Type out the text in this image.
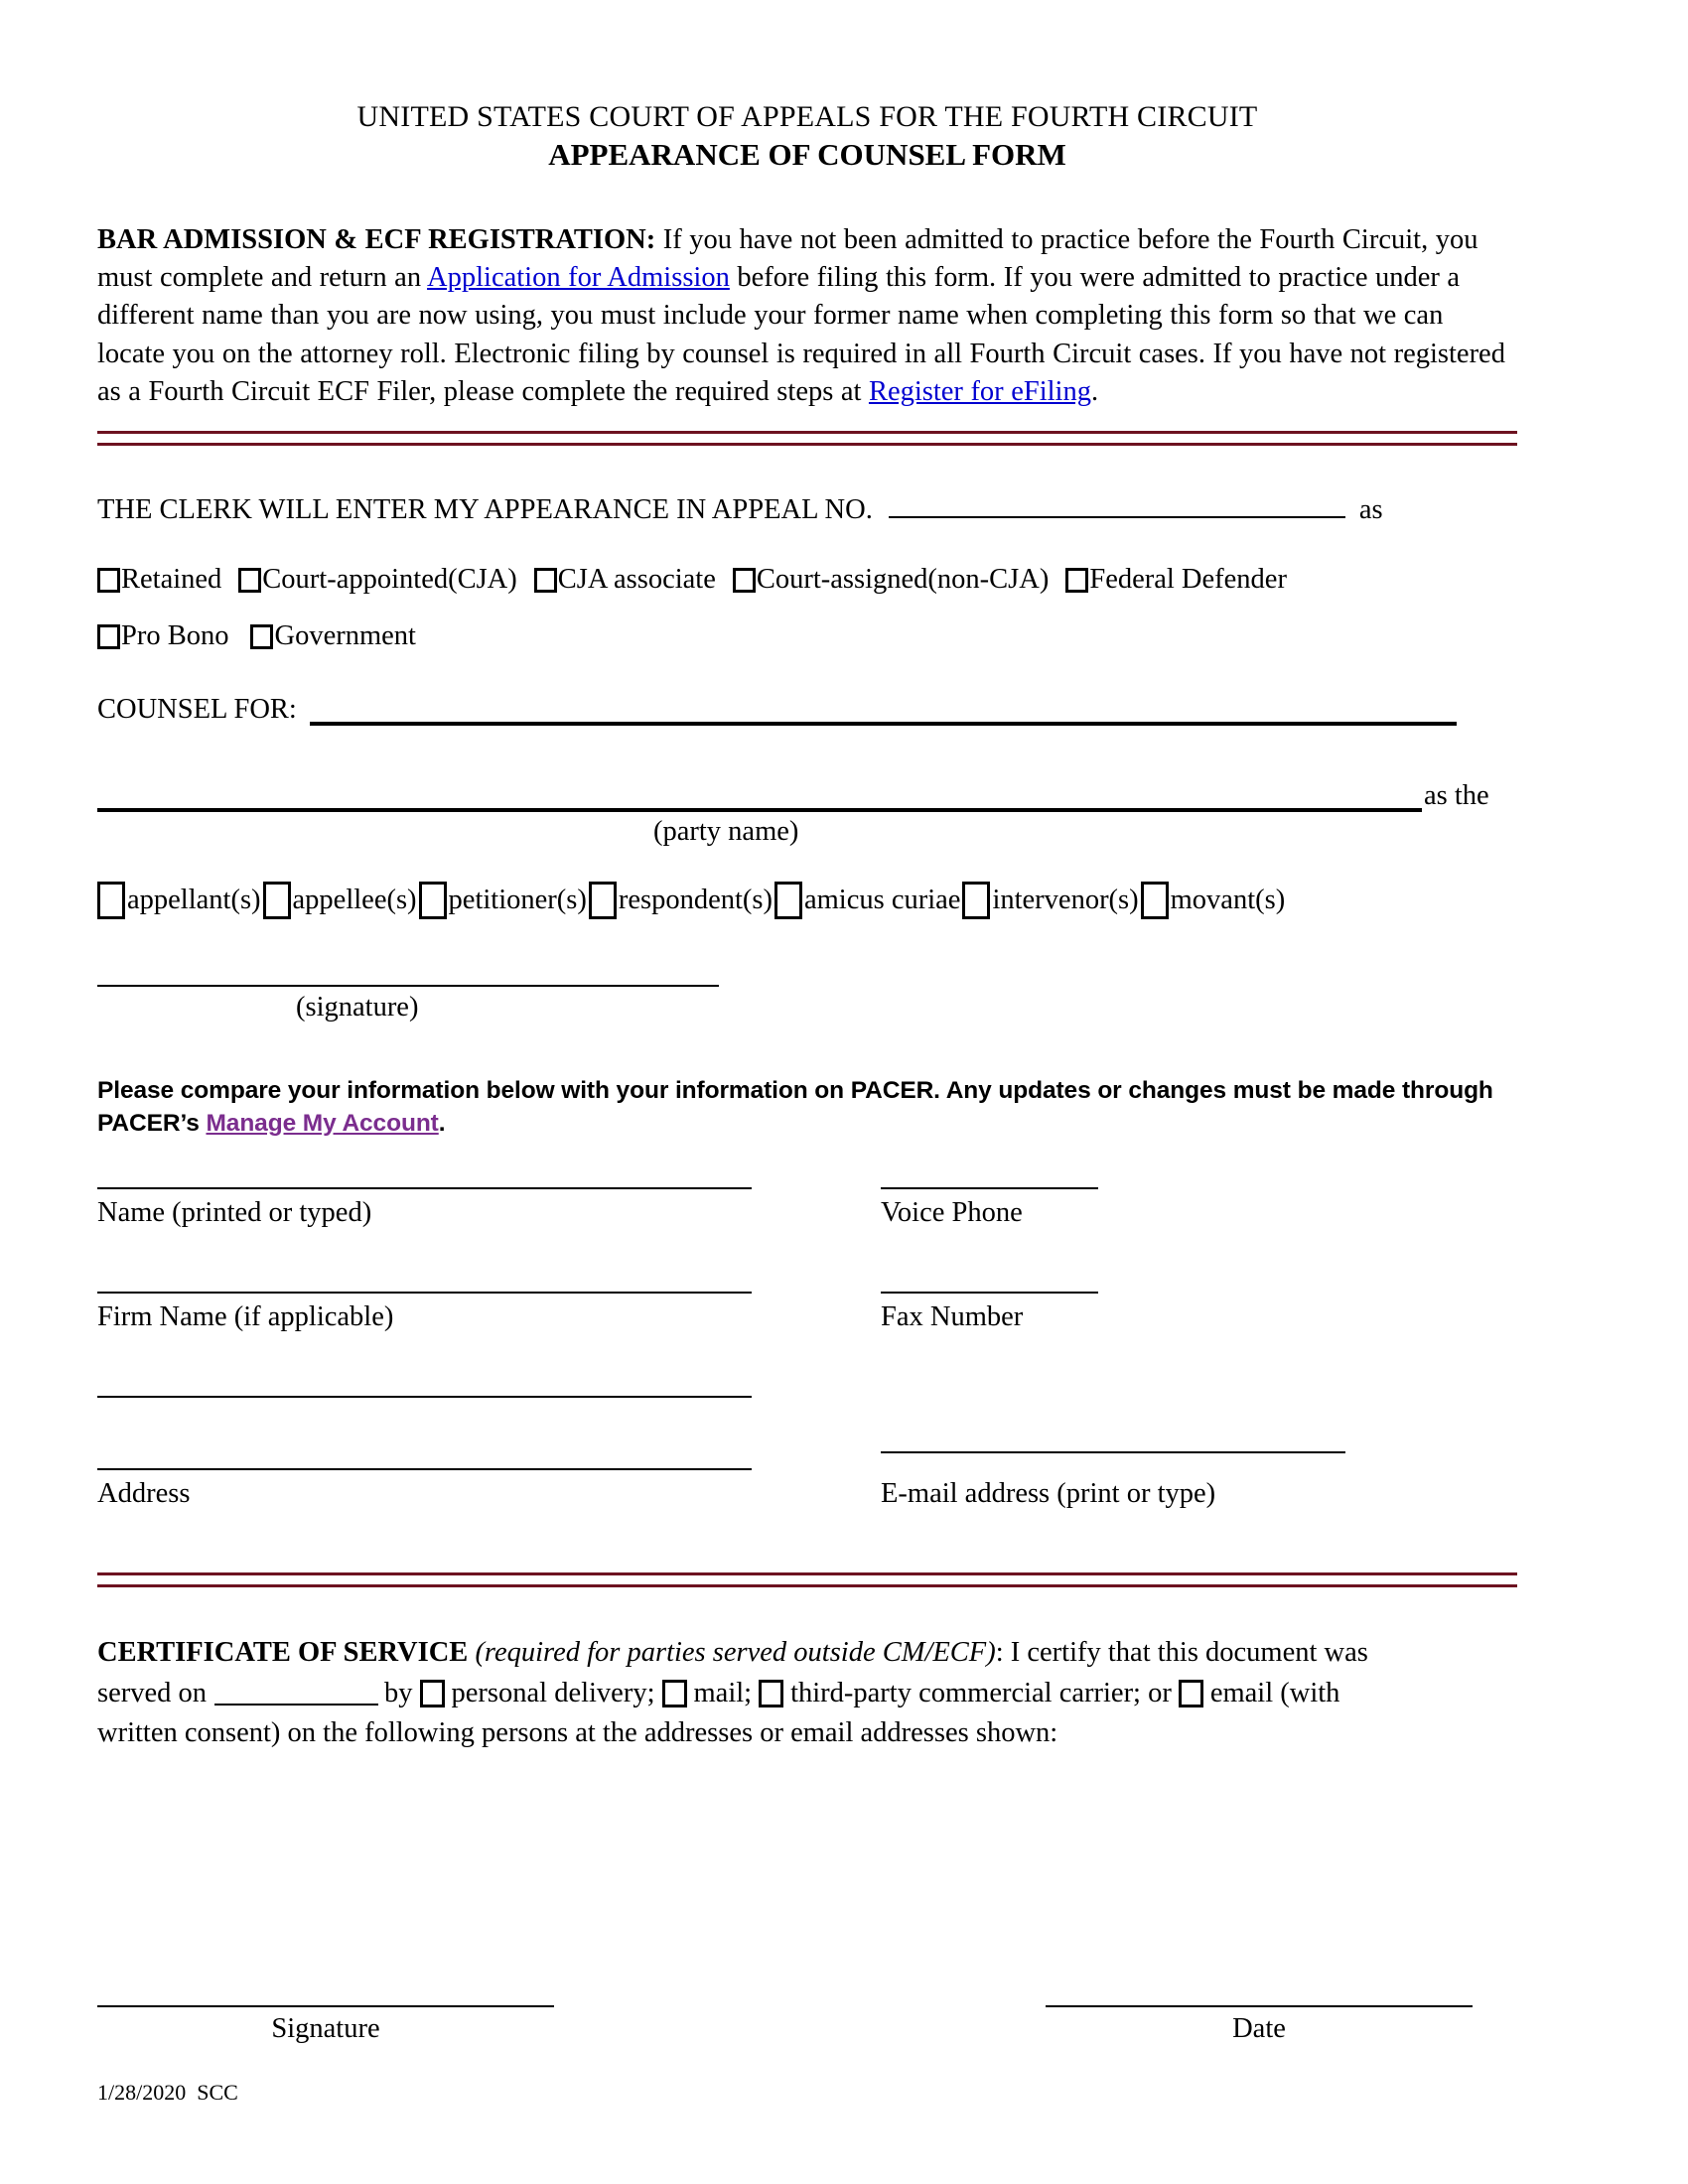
UNITED STATES COURT OF APPEALS FOR THE FOURTH CIRCUIT
APPEARANCE OF COUNSEL FORM
BAR ADMISSION & ECF REGISTRATION: If you have not been admitted to practice before the Fourth Circuit, you must complete and return an Application for Admission before filing this form. If you were admitted to practice under a different name than you are now using, you must include your former name when completing this form so that we can locate you on the attorney roll. Electronic filing by counsel is required in all Fourth Circuit cases. If you have not registered as a Fourth Circuit ECF Filer, please complete the required steps at Register for eFiling.
THE CLERK WILL ENTER MY APPEARANCE IN APPEAL NO.	as
Retained Court-appointed(CJA) CJA associate Court-assigned(non-CJA) Federal Defender
Pro Bono Government
COUNSEL FOR:
as the
(party name)
appellant(s) appellee(s) petitioner(s) respondent(s) amicus curiae intervenor(s) movant(s)
(signature)
Please compare your information below with your information on PACER. Any updates or changes must be made through PACER’s Manage My Account.
Name (printed or typed)	Voice Phone
Firm Name (if applicable)	Fax Number
Address	E-mail address (print or type)
CERTIFICATE OF SERVICE (required for parties served outside CM/ECF): I certify that this document was
served on	by personal delivery; mail; third-party commercial carrier; or email (with
written consent) on the following persons at the addresses or email addresses shown:
Signature	Date
1/28/2020  SCC
